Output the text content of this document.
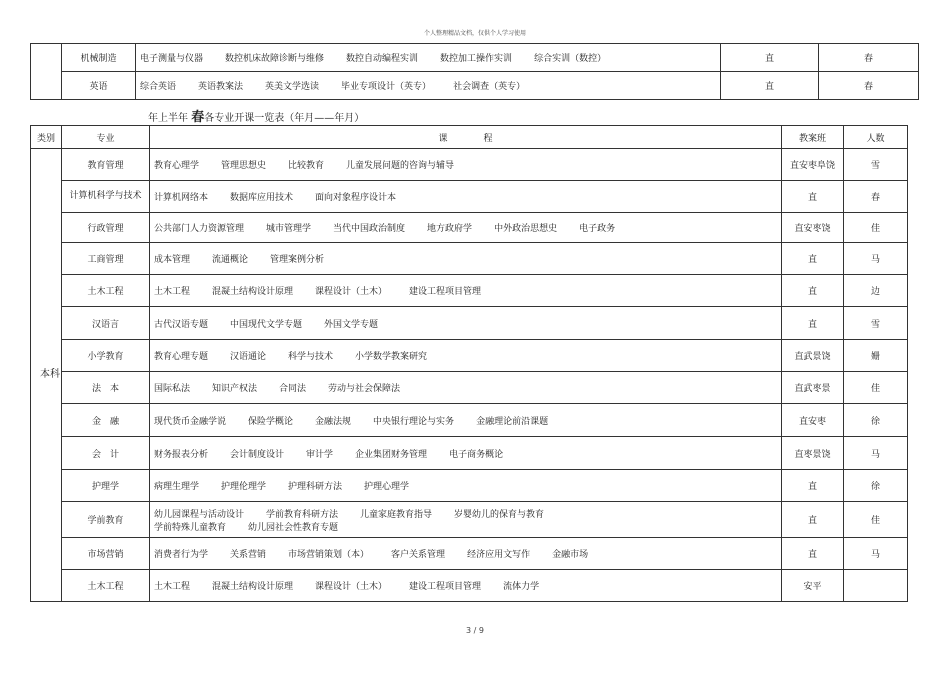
个人整理精品文档，仅供个人学习使用
	机械制造	电子测量与仪器 数控机床故障诊断与维修 数控自动编程实训 数控加工操作实训 综合实训（数控）	直	春
	英语	综合英语 英语教案法 英美文学选读 毕业专项设计（英专） 社会调查（英专）	直	春
年上半年 春各专业开课一览表（年月——年月）
类别	专业	课　　　　程	教案班	人数
本科	教育管理	教育心理学 管理思想史 比较教育 儿童发展问题的咨询与辅导	直安枣阜饶	雪
	计算机科学与技术	计算机网络本 数据库应用技术 面向对象程序设计本	直	春
	行政管理	公共部门人力资源管理 城市管理学 当代中国政治制度 地方政府学 中外政治思想史 电子政务	直安枣饶	佳
	工商管理	成本管理 流通概论 管理案例分析	直	马
	土木工程	土木工程 混凝土结构设计原理 课程设计（土木） 建设工程项目管理	直	边
	汉语言	古代汉语专题 中国现代文学专题 外国文学专题	直	雪
	小学教育	教育心理专题 汉语通论 科学与技术 小学数学教案研究	直武景饶	姗
	法　本	国际私法 知识产权法 合同法 劳动与社会保障法	直武枣景	佳
	金　融	现代货币金融学说 保险学概论 金融法规 中央银行理论与实务 金融理论前沿课题	直安枣	徐
	会　计	财务报表分析 会计制度设计 审计学 企业集团财务管理 电子商务概论	直枣景饶	马
	护理学	病理生理学 护理伦理学 护理科研方法 护理心理学	直	徐
	学前教育	幼儿园课程与活动设计 学前教育科研方法 儿童家庭教育指导 岁婴幼儿的保育与教育
学前特殊儿童教育 幼儿园社会性教育专题	直	佳
	市场营销	消费者行为学 关系营销 市场营销策划（本） 客户关系管理 经济应用文写作 金融市场	直	马
	土木工程	土木工程 混凝土结构设计原理 课程设计（土木） 建设工程项目管理 流体力学	安平	
3 / 9
